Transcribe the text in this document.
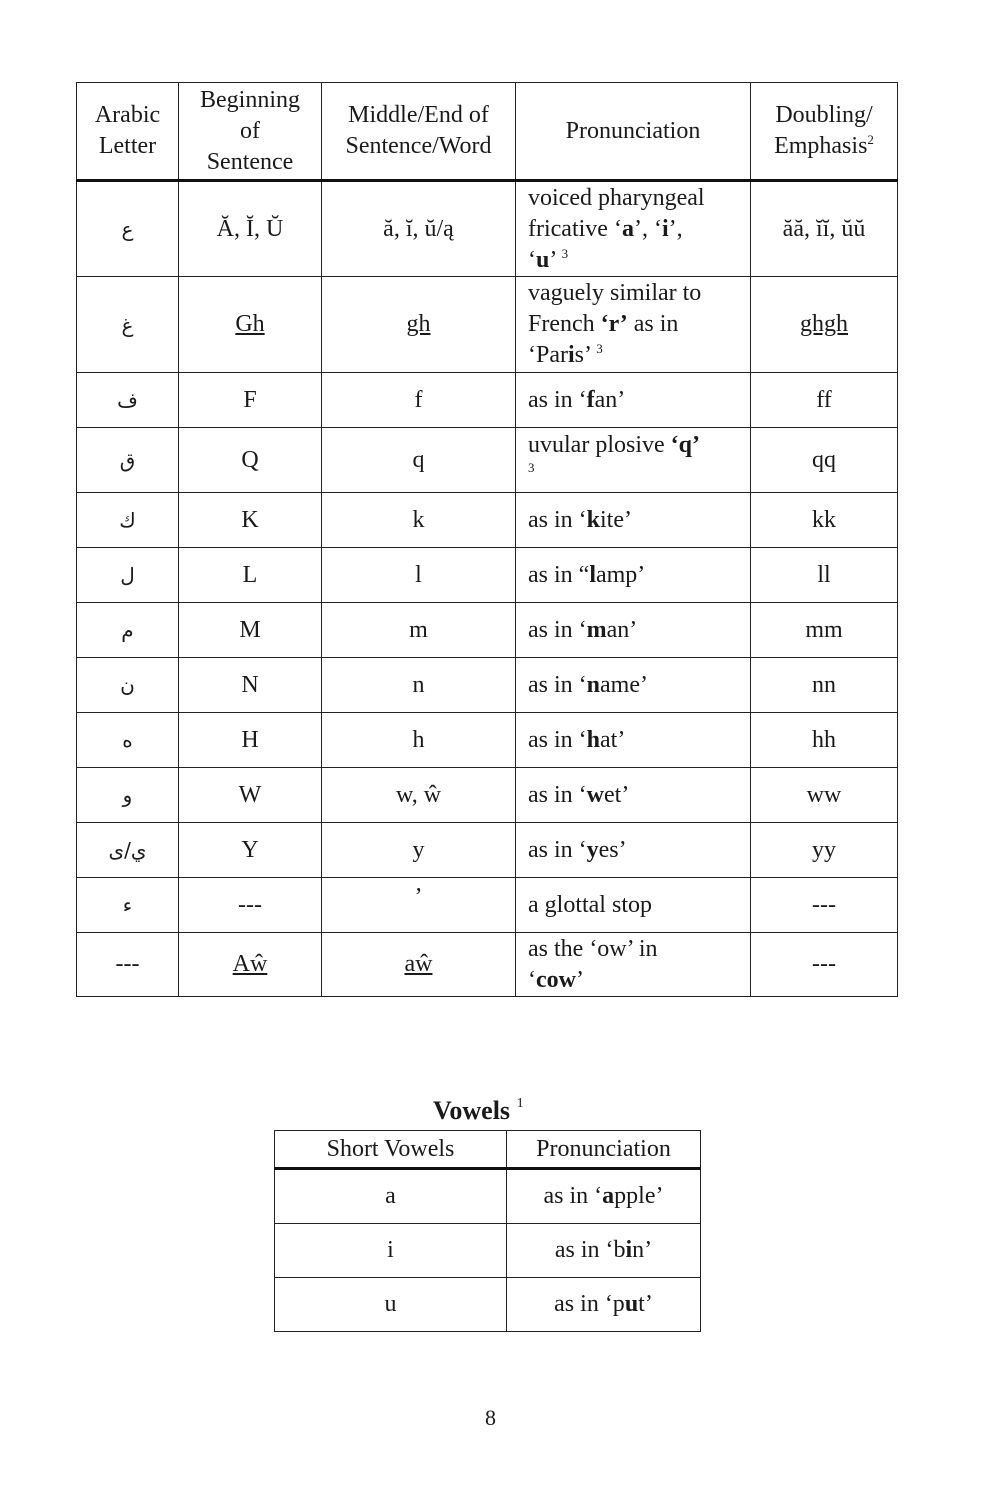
Arabic
Letter	Beginning
of
Sentence	Middle/End of
Sentence/Word	Pronunciation	Doubling/
Emphasis$^2$
ع	Ă, Ĭ, Ŭ	ă, ĭ, ŭ/ą	voiced pharyngeal
fricative ‘a’, ‘i’,
‘u’ $^3$	ăă, ĭĭ, ŭŭ
غ	Gh	gh	vaguely similar to
French ‘r’ as in
‘Paris’ $^3$	ghgh
ف	F	f	as in ‘fan’	ff
ق	Q	q	uvular plosive ‘q’
$^3$	qq
ك	K	k	as in ‘kite’	kk
ل	L	l	as in “lamp’	ll
م	M	m	as in ‘man’	mm
ن	N	n	as in ‘name’	nn
ه	H	h	as in ‘hat’	hh
و	W	w, ŵ	as in ‘wet’	ww
ي/ى	Y	y	as in ‘yes’	yy
ء	---	’	a glottal stop	---
---	Aŵ	aŵ	as the ‘ow’ in
‘cow’	---
Vowels $^1$
Short Vowels	Pronunciation
a	as in ‘apple’
i	as in ‘bin’
u	as in ‘put’
8
